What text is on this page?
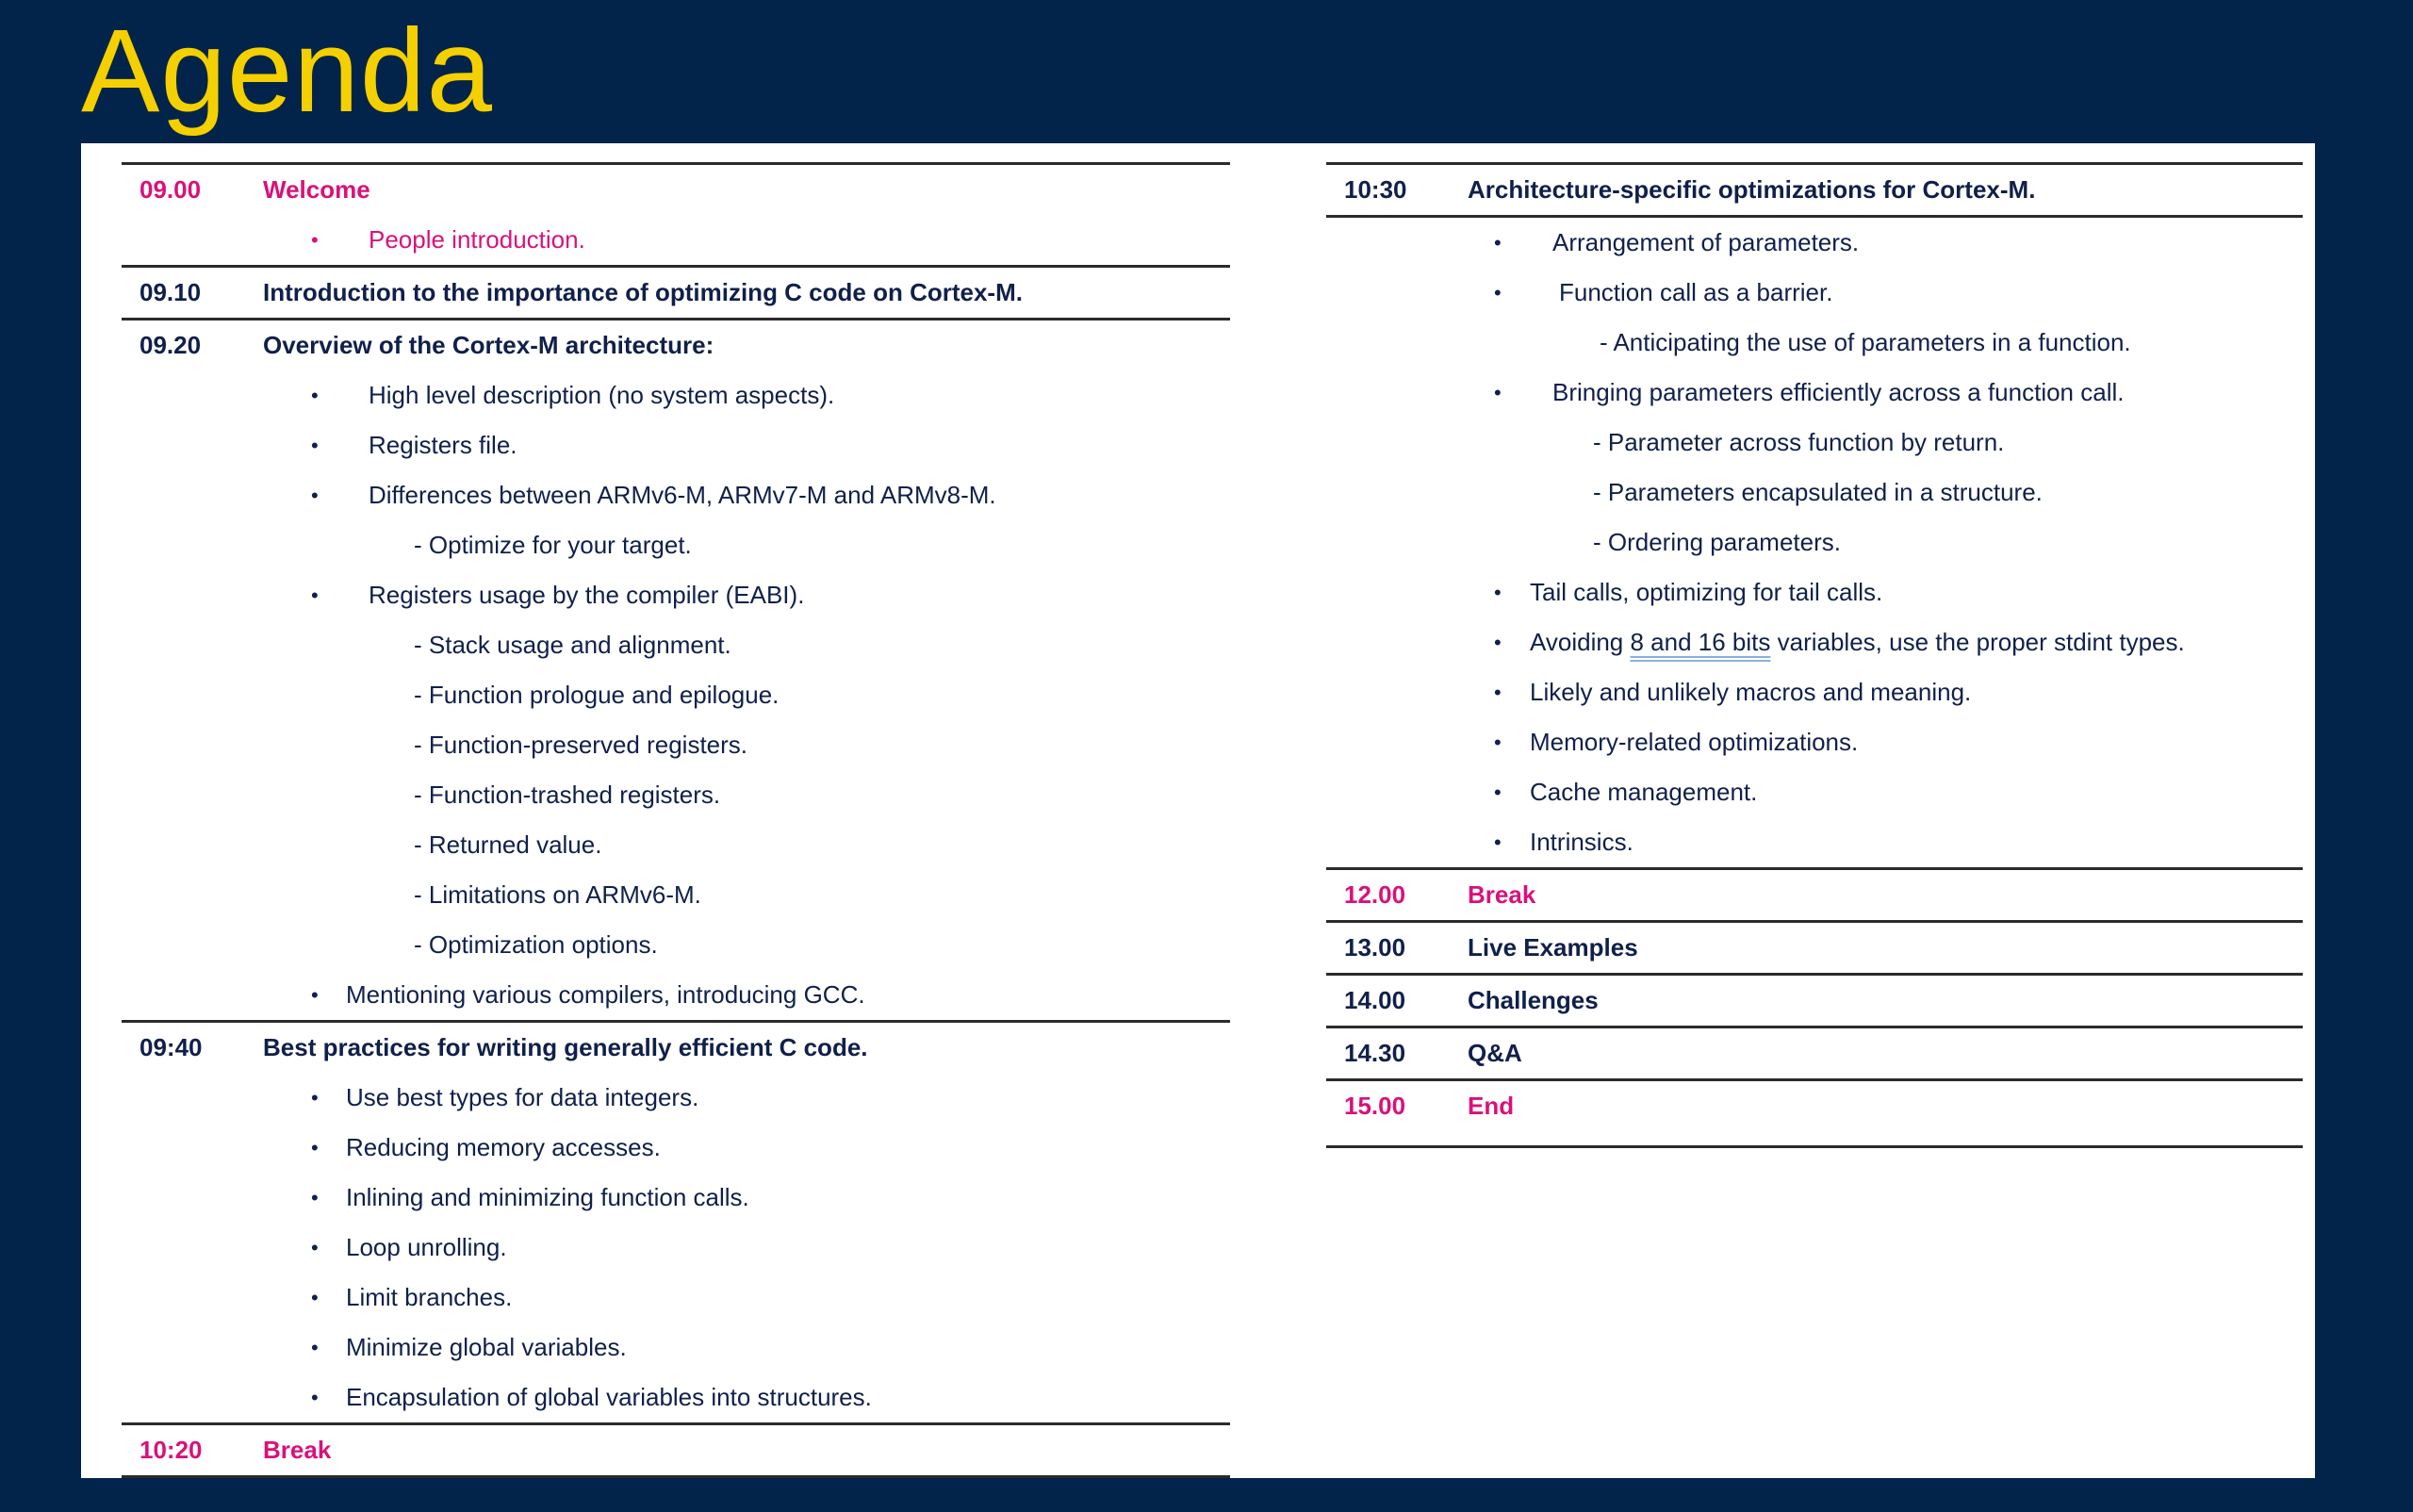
Agenda
09.00	Welcome
• People introduction.
09.10	Introduction to the importance of optimizing C code on Cortex-M.
09.20	Overview of the Cortex-M architecture:
• High level description (no system aspects).
• Registers file.
• Differences between ARMv6-M, ARMv7-M and ARMv8-M.
- Optimize for your target.
• Registers usage by the compiler (EABI).
- Stack usage and alignment.
- Function prologue and epilogue.
- Function-preserved registers.
- Function-trashed registers.
- Returned value.
- Limitations on ARMv6-M.
- Optimization options.
• Mentioning various compilers, introducing GCC.
09:40 Best practices for writing generally efficient C code.
• Use best types for data integers.
• Reducing memory accesses.
• Inlining and minimizing function calls.
• Loop unrolling.
• Limit branches.
• Minimize global variables.
• Encapsulation of global variables into structures.
10:20 Break
10:30 Architecture-specific optimizations for Cortex-M.
• Arrangement of parameters.
• Function call as a barrier.
- Anticipating the use of parameters in a function.
• Bringing parameters efficiently across a function call.
- Parameter across function by return.
- Parameters encapsulated in a structure.
- Ordering parameters.
• Tail calls, optimizing for tail calls.
• Avoiding 8 and 16 bits variables, use the proper stdint types.
• Likely and unlikely macros and meaning.
• Memory-related optimizations.
• Cache management.
• Intrinsics.
12.00	Break
13.00	Live Examples
14.00	Challenges
14.30	Q&A
15.00	End
